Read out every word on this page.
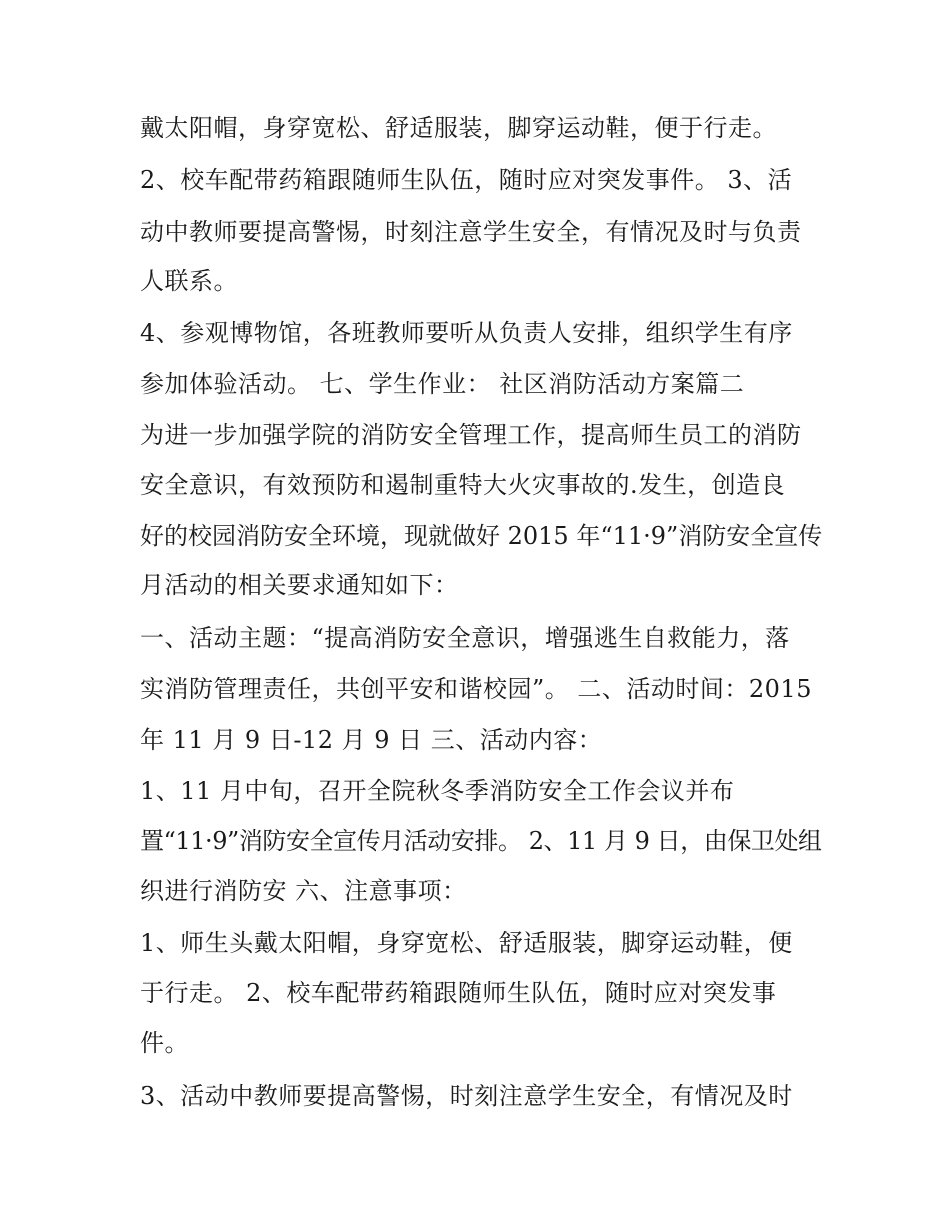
戴太阳帽，身穿宽松、舒适服装，脚穿运动鞋，便于行走。
2、校车配带药箱跟随师生队伍，随时应对突发事件。 3、活
动中教师要提高警惕，时刻注意学生安全，有情况及时与负责
人联系。
4、参观博物馆，各班教师要听从负责人安排，组织学生有序
参加体验活动。 七、学生作业： 社区消防活动方案篇二
为进一步加强学院的消防安全管理工作，提高师生员工的消防
安全意识，有效预防和遏制重特大火灾事故的.发生，创造良
好的校园消防安全环境，现就做好 2015 年“11·9”消防安全宣传
月活动的相关要求通知如下：
一、活动主题：“提高消防安全意识，增强逃生自救能力，落
实消防管理责任，共创平安和谐校园”。 二、活动时间：2015
年 11 月 9 日-12 月 9 日 三、活动内容：
1、11 月中旬，召开全院秋冬季消防安全工作会议并布
置“11·9”消防安全宣传月活动安排。 2、11 月 9 日，由保卫处组
织进行消防安 六、注意事项：
1、师生头戴太阳帽，身穿宽松、舒适服装，脚穿运动鞋，便
于行走。 2、校车配带药箱跟随师生队伍，随时应对突发事
件。
3、活动中教师要提高警惕，时刻注意学生安全，有情况及时
